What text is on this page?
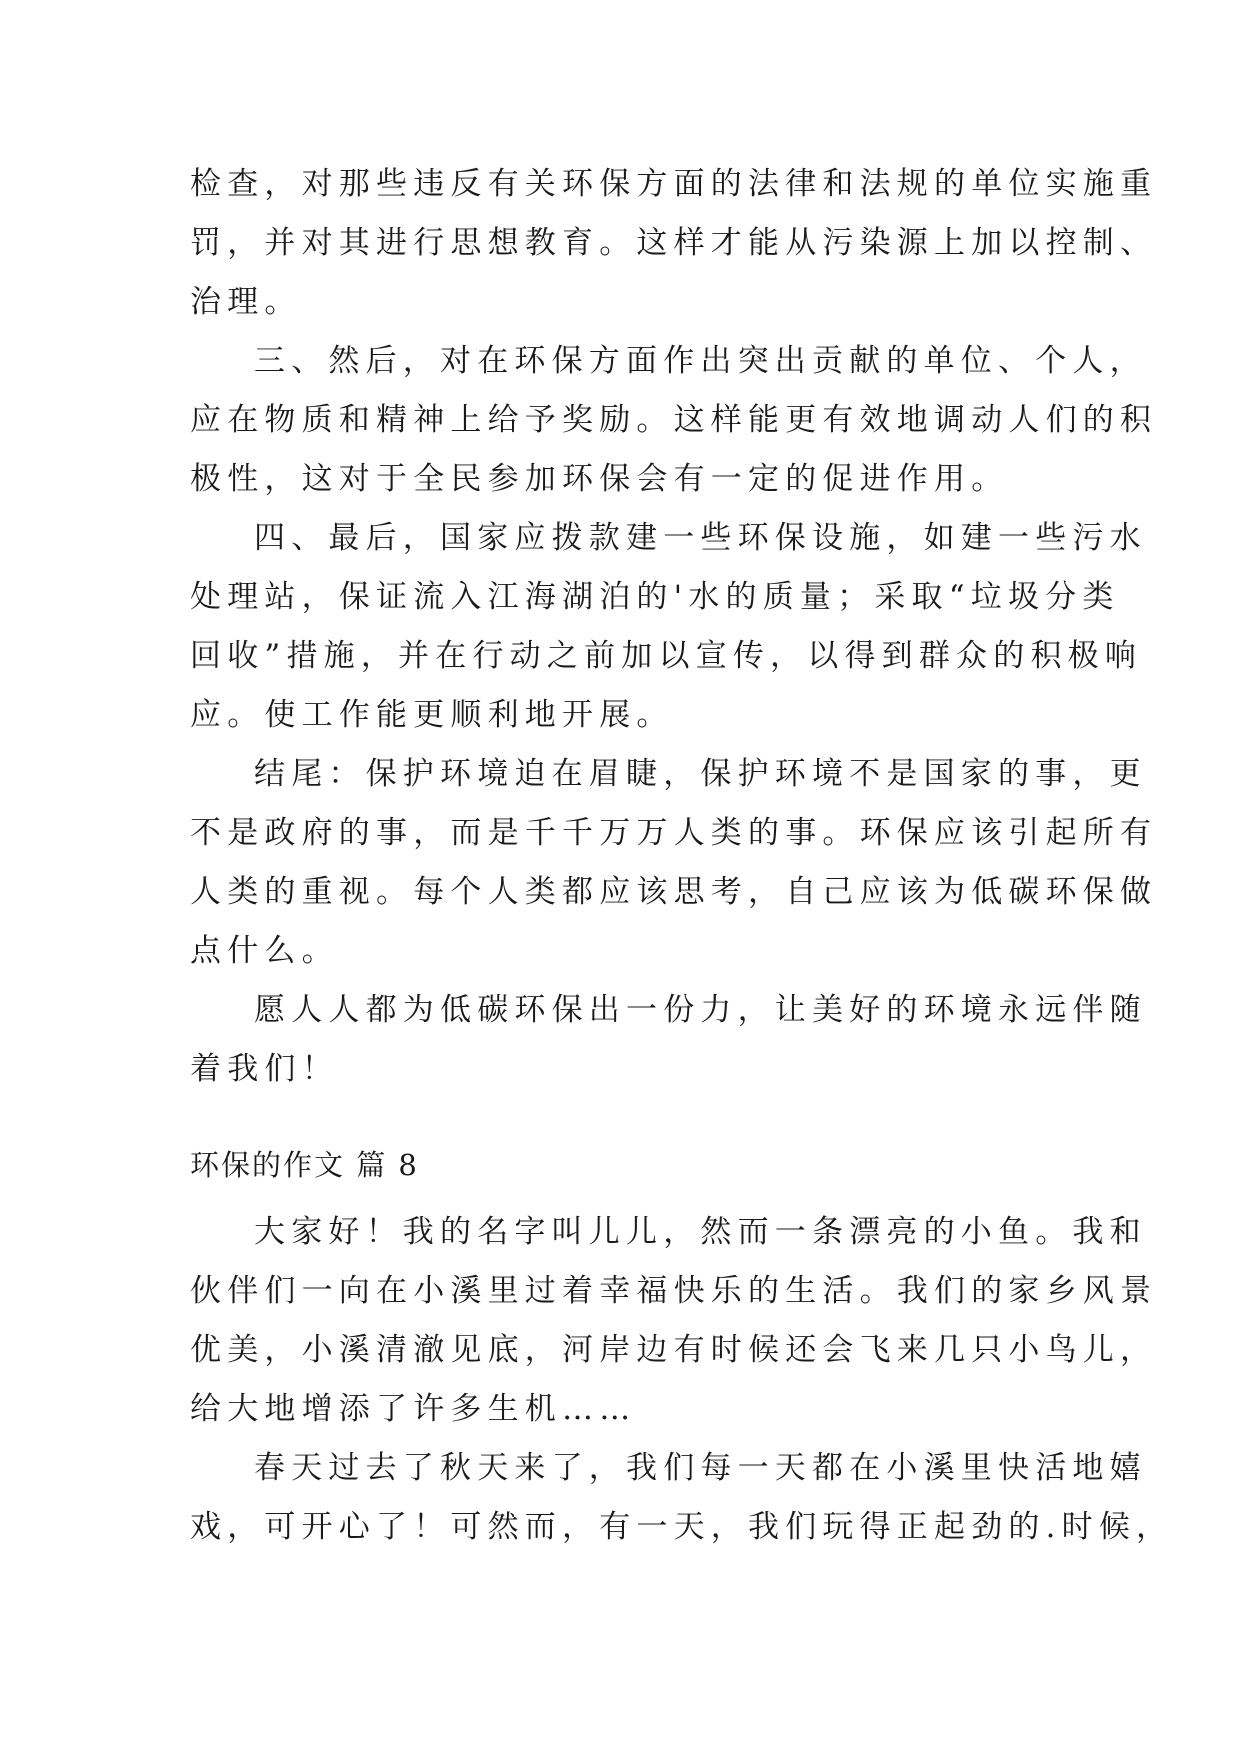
检查，对那些违反有关环保方面的法律和法规的单位实施重
罚，并对其进行思想教育。这样才能从污染源上加以控制、
治理。
三、然后，对在环保方面作出突出贡献的单位、个人，
应在物质和精神上给予奖励。这样能更有效地调动人们的积
极性，这对于全民参加环保会有一定的促进作用。
四、最后，国家应拨款建一些环保设施，如建一些污水
处理站，保证流入江海湖泊的'水的质量；采取“垃圾分类
回收”措施，并在行动之前加以宣传，以得到群众的积极响
应。使工作能更顺利地开展。
结尾：保护环境迫在眉睫，保护环境不是国家的事，更
不是政府的事，而是千千万万人类的事。环保应该引起所有
人类的重视。每个人类都应该思考，自己应该为低碳环保做
点什么。
愿人人都为低碳环保出一份力，让美好的环境永远伴随
着我们！
环保的作文 篇 8
大家好！我的名字叫儿儿，然而一条漂亮的小鱼。我和
伙伴们一向在小溪里过着幸福快乐的生活。我们的家乡风景
优美，小溪清澈见底，河岸边有时候还会飞来几只小鸟儿，
给大地增添了许多生机……
春天过去了秋天来了，我们每一天都在小溪里快活地嬉
戏，可开心了！可然而，有一天，我们玩得正起劲的.时候，
